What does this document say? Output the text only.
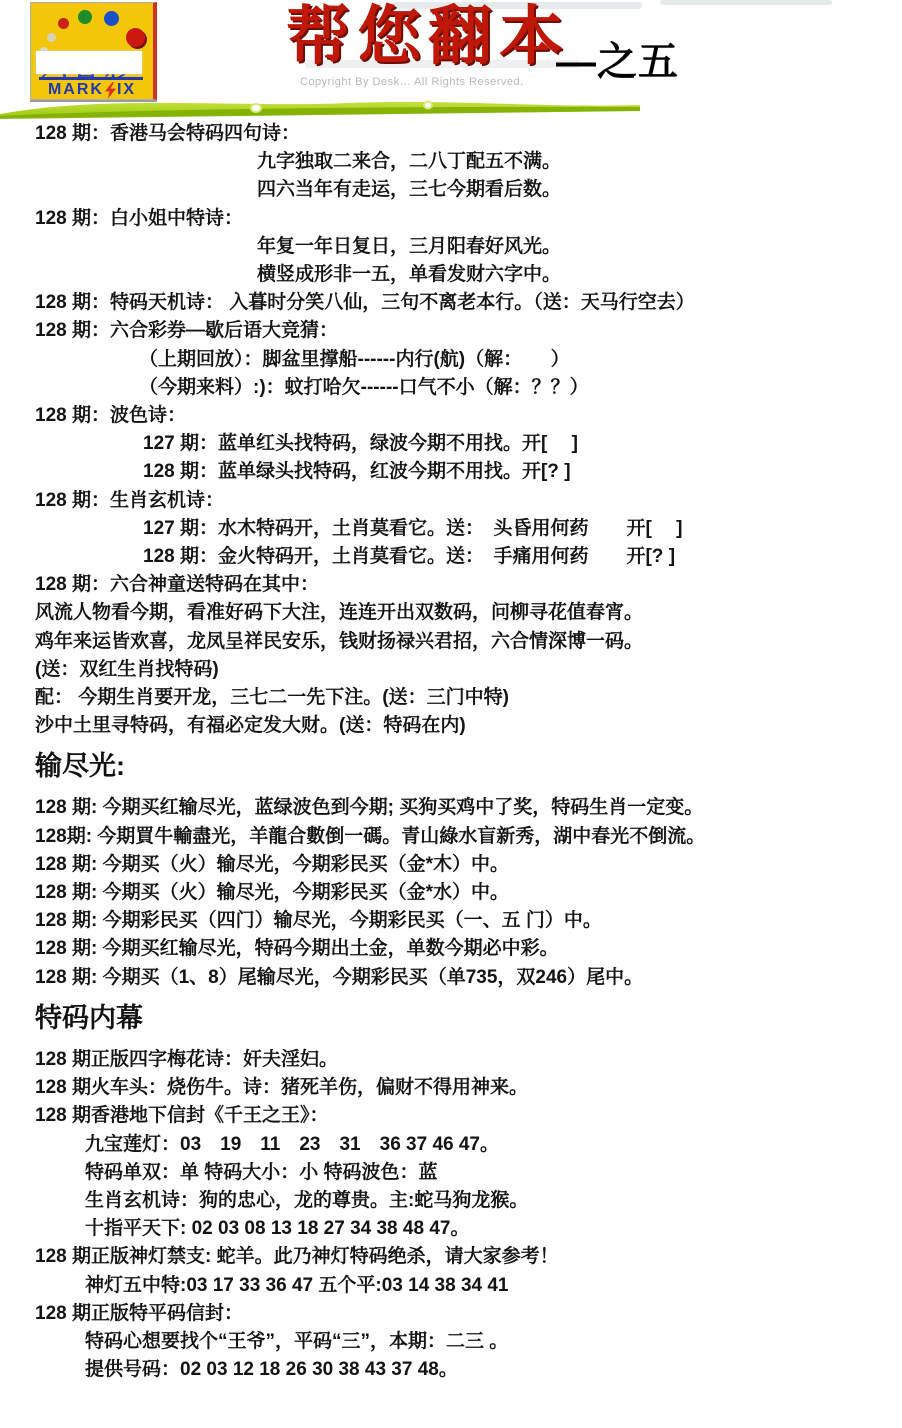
Copyright By Desk… All Rights Reserved.
MARK IX
帮您翻本
—之五
128 期：香港马会特码四句诗：
九字独取二来合，二八丁配五不满。
四六当年有走运，三七今期看后数。
128 期：白小姐中特诗：
年复一年日复日，三月阳春好风光。
横竖成形非一五，单看发财六字中。
128 期：特码天机诗： 入暮时分笑八仙，三句不离老本行。（送：天马行空去）
128 期：六合彩券—歇后语大竞猜：
（上期回放）：脚盆里撑船------内行(航)（解：　　）
（今期来料）:)：蚊打哈欠------口气不小（解：？？）
128 期：波色诗：
127 期：蓝单红头找特码，绿波今期不用找。开[　 ]
128 期：蓝单绿头找特码，红波今期不用找。开[? ]
128 期：生肖玄机诗：
127 期：水木特码开，土肖莫看它。送：　头昏用何药　　开[　 ]
128 期：金火特码开，土肖莫看它。送：　手痛用何药　　开[? ]
128 期：六合神童送特码在其中：
风流人物看今期，看准好码下大注，连连开出双数码，问柳寻花值春宵。
鸡年来运皆欢喜，龙凤呈祥民安乐，钱财扬禄兴君招，六合情深博一码。
(送：双红生肖找特码)
配： 今期生肖要开龙，三七二一先下注。(送：三门中特)
沙中土里寻特码，有福必定发大财。(送：特码在内)
输尽光:
128 期: 今期买红输尽光，蓝绿波色到今期; 买狗买鸡中了奖，特码生肖一定变。
128期: 今期買牛輸盡光，羊龍合數倒一碼。青山綠水盲新秀，湖中春光不倒流。
128 期: 今期买（火）输尽光，今期彩民买（金*木）中。
128 期: 今期买（火）输尽光，今期彩民买（金*水）中。
128 期: 今期彩民买（四门）输尽光，今期彩民买（一、五 门）中。
128 期: 今期买红输尽光，特码今期出土金，单数今期必中彩。
128 期: 今期买（1、8）尾输尽光，今期彩民买（单735，双246）尾中。
特码内幕
128 期正版四字梅花诗：奸夫淫妇。
128 期火车头：烧伤牛。诗：猪死羊伤，偏财不得用神来。
128 期香港地下信封《千王之王》：
九宝莲灯：03　19　11　23　31　36 37 46 47。
特码单双：单 特码大小：小 特码波色：蓝
生肖玄机诗：狗的忠心，龙的尊贵。主:蛇马狗龙猴。
十指平天下: 02 03 08 13 18 27 34 38 48 47。
128 期正版神灯禁支: 蛇羊。此乃神灯特码绝杀，请大家参考！
神灯五中特:03 17 33 36 47 五个平:03 14 38 34 41
128 期正版特平码信封：
特码心想要找个“王爷”，平码“三”，本期：二三 。
提供号码：02 03 12 18 26 30 38 43 37 48。
